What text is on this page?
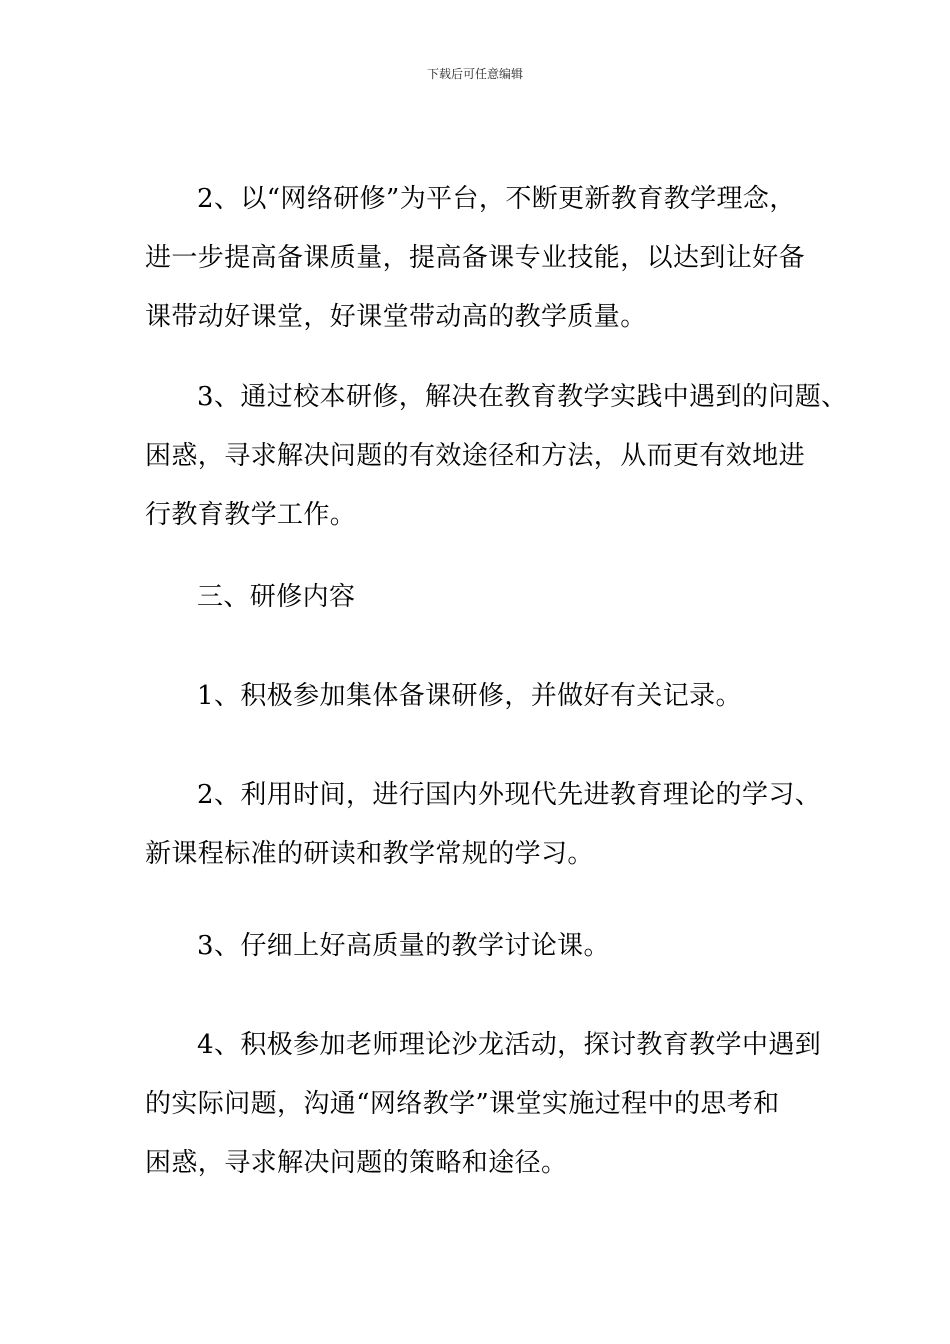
下载后可任意编辑
2、以“网络研修”为平台，不断更新教育教学理念，
进一步提高备课质量，提高备课专业技能，以达到让好备
课带动好课堂，好课堂带动高的教学质量。
3、通过校本研修，解决在教育教学实践中遇到的问题、
困惑，寻求解决问题的有效途径和方法，从而更有效地进
行教育教学工作。
三、研修内容
1、积极参加集体备课研修，并做好有关记录。
2、利用时间，进行国内外现代先进教育理论的学习、
新课程标准的研读和教学常规的学习。
3、仔细上好高质量的教学讨论课。
4、积极参加老师理论沙龙活动，探讨教育教学中遇到
的实际问题，沟通“网络教学”课堂实施过程中的思考和
困惑，寻求解决问题的策略和途径。
